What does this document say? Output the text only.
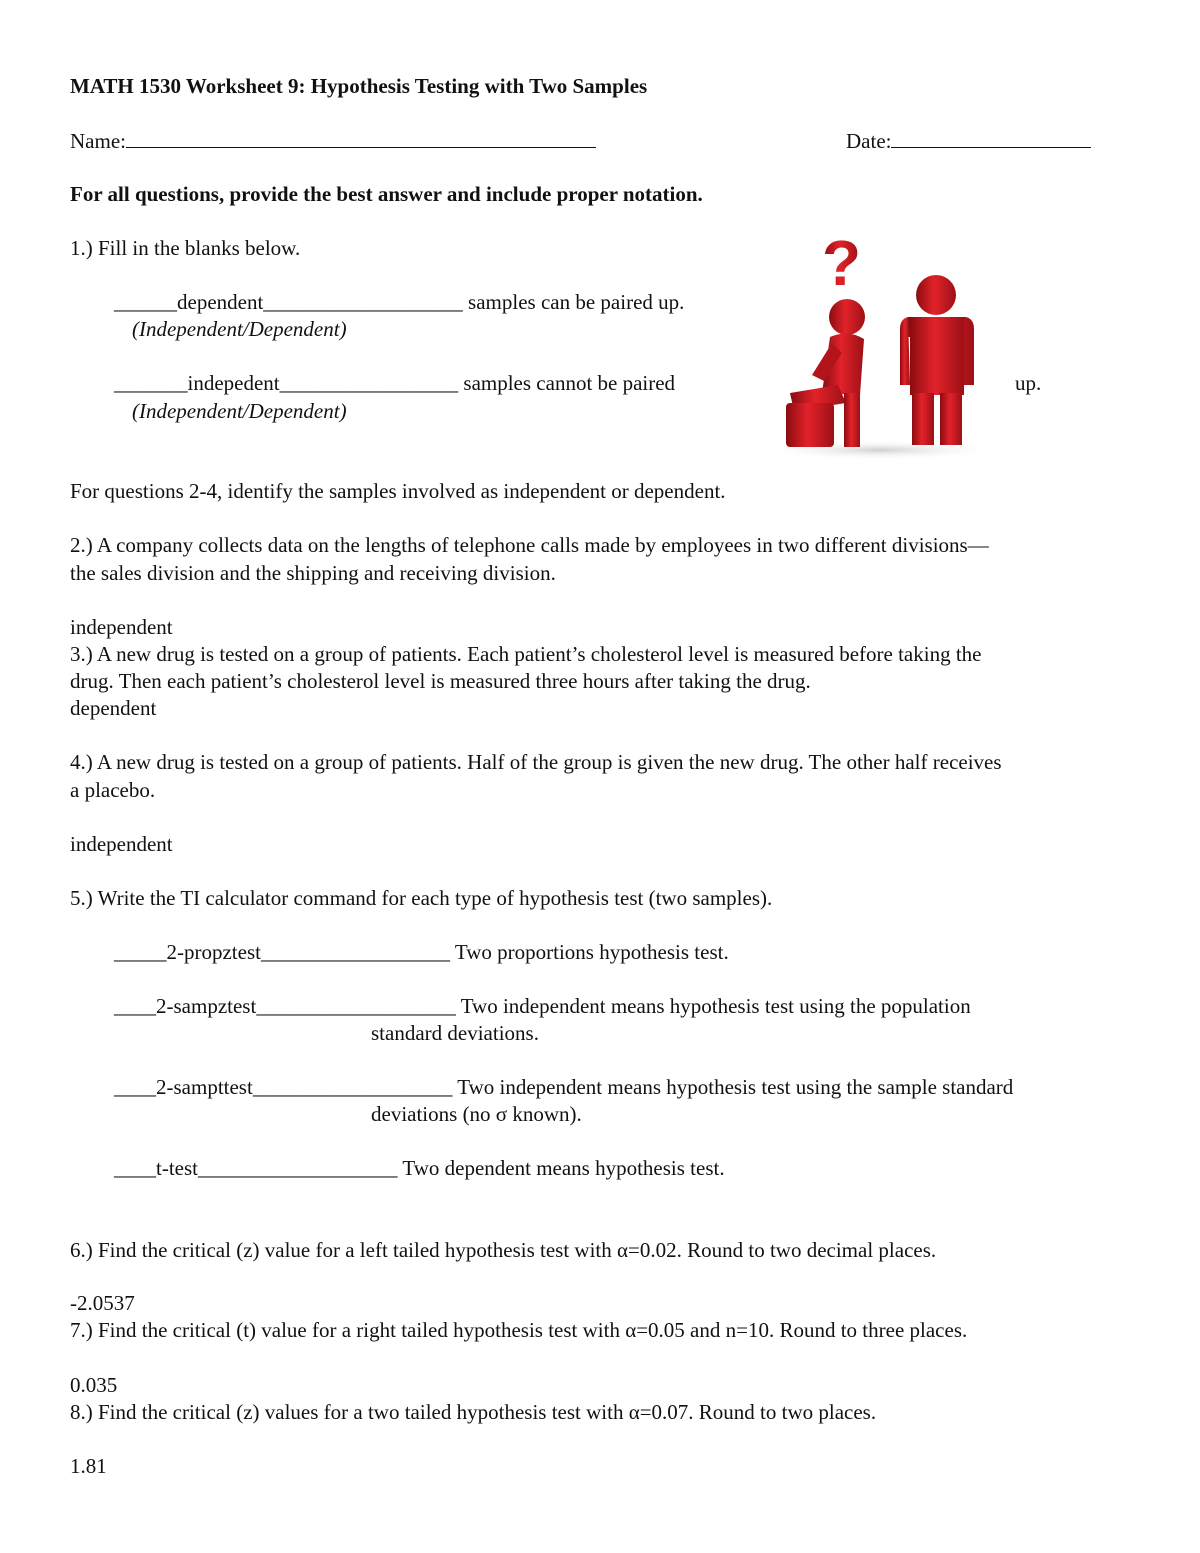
MATH 1530 Worksheet 9: Hypothesis Testing with Two Samples
Name:	Date:
For all questions, provide the best answer and include proper notation.
1.) Fill in the blanks below.
______dependent___________________ samples can be paired up.
(Independent/Dependent)
_______indepedent_________________ samples cannot be paired	up.
(Independent/Dependent)
?
For questions 2-4, identify the samples involved as independent or dependent.
2.) A company collects data on the lengths of telephone calls made by employees in two different divisions—
the sales division and the shipping and receiving division.
independent
3.) A new drug is tested on a group of patients. Each patient’s cholesterol level is measured before taking the
drug. Then each patient’s cholesterol level is measured three hours after taking the drug.
dependent
4.) A new drug is tested on a group of patients. Half of the group is given the new drug. The other half receives
a placebo.
independent
5.) Write the TI calculator command for each type of hypothesis test (two samples).
_____2-propztest__________________ Two proportions hypothesis test.
____2-sampztest___________________ Two independent means hypothesis test using the population
standard deviations.
____2-sampttest___________________ Two independent means hypothesis test using the sample standard
deviations (no σ known).
____t-test___________________ Two dependent means hypothesis test.
6.) Find the critical (z) value for a left tailed hypothesis test with α=0.02. Round to two decimal places.
-2.0537
7.) Find the critical (t) value for a right tailed hypothesis test with α=0.05 and n=10. Round to three places.
0.035
8.) Find the critical (z) values for a two tailed hypothesis test with α=0.07. Round to two places.
1.81
